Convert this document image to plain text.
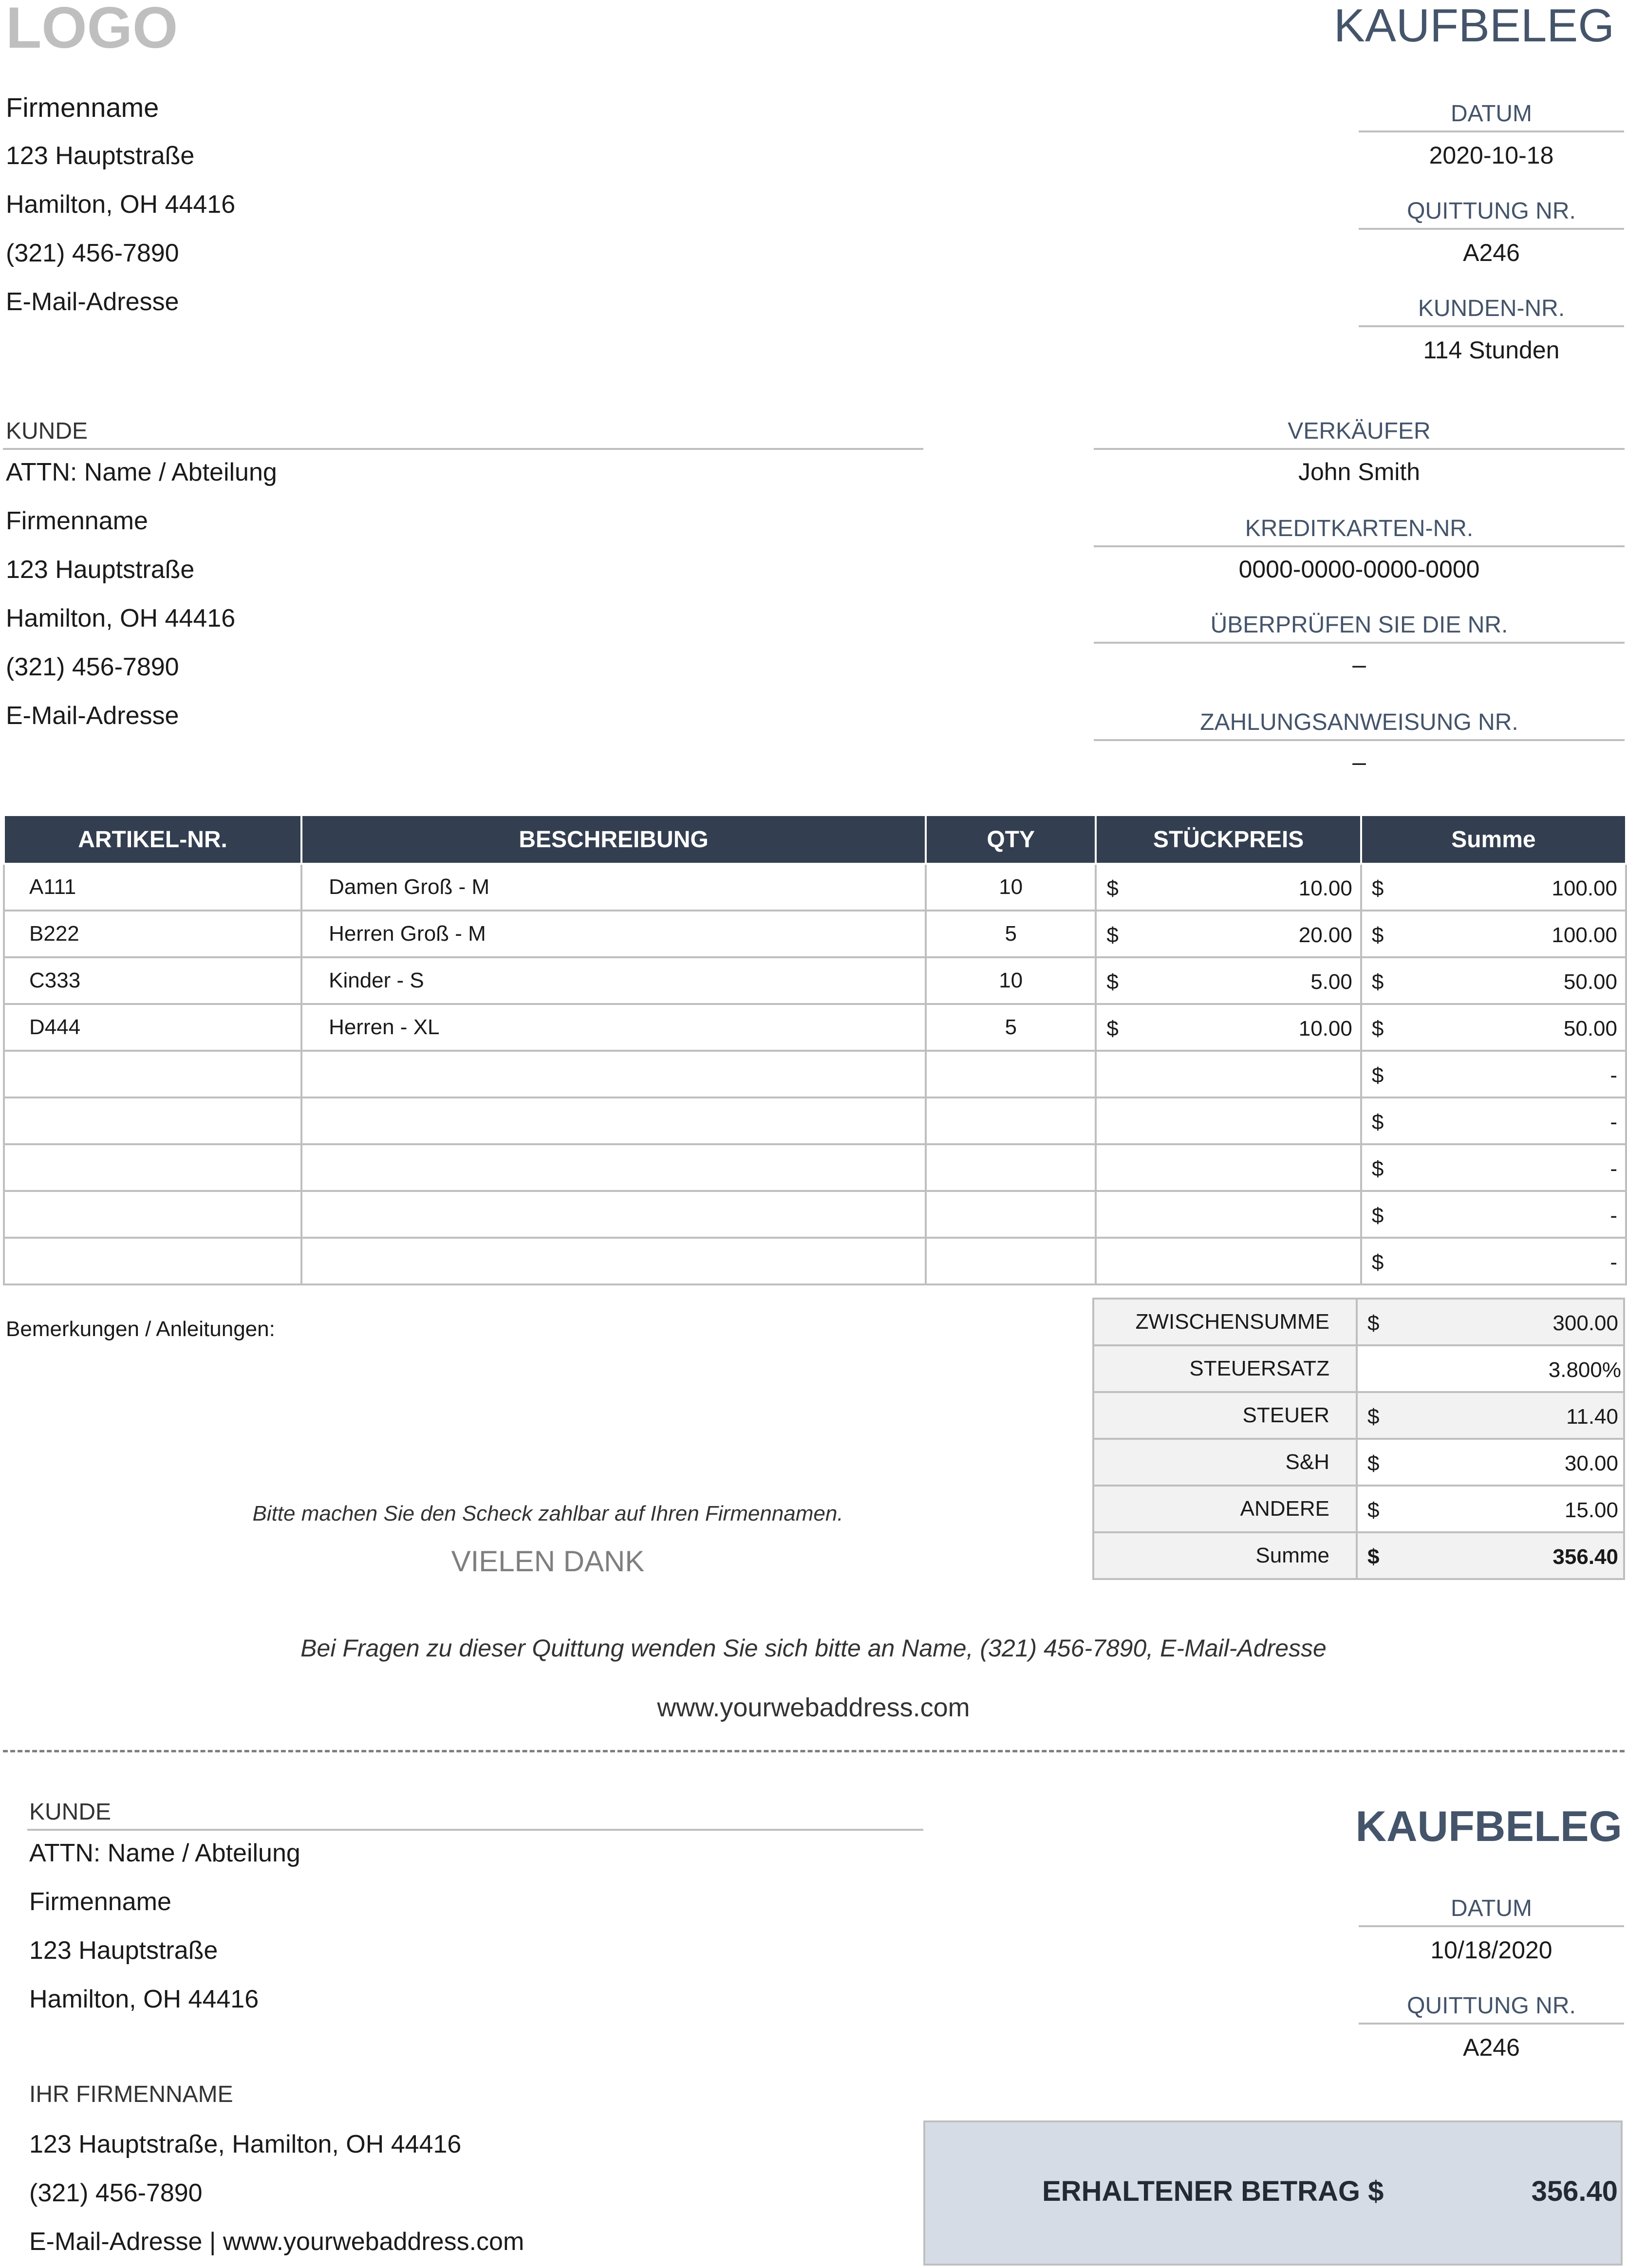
LOGO	KAUFBELEG
Firmenname
123 Hauptstraße
Hamilton, OH 44416
(321) 456-7890
E-Mail-Adresse
DATUM
2020-10-18
QUITTUNG NR.
A246
KUNDEN-NR.
114 Stunden
KUNDE
ATTN: Name / Abteilung
Firmenname
123 Hauptstraße
Hamilton, OH 44416
(321) 456-7890
E-Mail-Adresse
VERKÄUFER
John Smith
KREDITKARTEN-NR.
0000-0000-0000-0000
ÜBERPRÜFEN SIE DIE NR.
–
ZAHLUNGSANWEISUNG NR.
–
ARTIKEL-NR.	BESCHREIBUNG	QTY	STÜCKPREIS	Summe
A111	Damen Groß - M	10	$ 10.00	$ 100.00

B222	Herren Groß - M	5	$ 20.00	$ 100.00

C333	Kinder - S	10	$ 5.00	$ 50.00

D444	Herren - XL	5	$ 10.00	$ 50.00

				$ -

				$ -

				$ -

				$ -

				$ -
Bemerkungen / Anleitungen:
Bitte machen Sie den Scheck zahlbar auf Ihren Firmennamen.
VIELEN DANK
ZWISCHENSUMME	$ 300.00

STEUERSATZ	3.800%

STEUER	$ 11.40

S&H	$ 30.00

ANDERE	$ 15.00

Summe	$ 356.40
Bei Fragen zu dieser Quittung wenden Sie sich bitte an Name, (321) 456-7890, E-Mail-Adresse
www.yourwebaddress.com
KUNDE
ATTN: Name / Abteilung
Firmenname
123 Hauptstraße
Hamilton, OH 44416
IHR FIRMENNAME
123 Hauptstraße, Hamilton, OH 44416
(321) 456-7890
E-Mail-Adresse | www.yourwebaddress.com
KAUFBELEG
DATUM
10/18/2020
QUITTUNG NR.
A246
ERHALTENER BETRAG $	356.40
